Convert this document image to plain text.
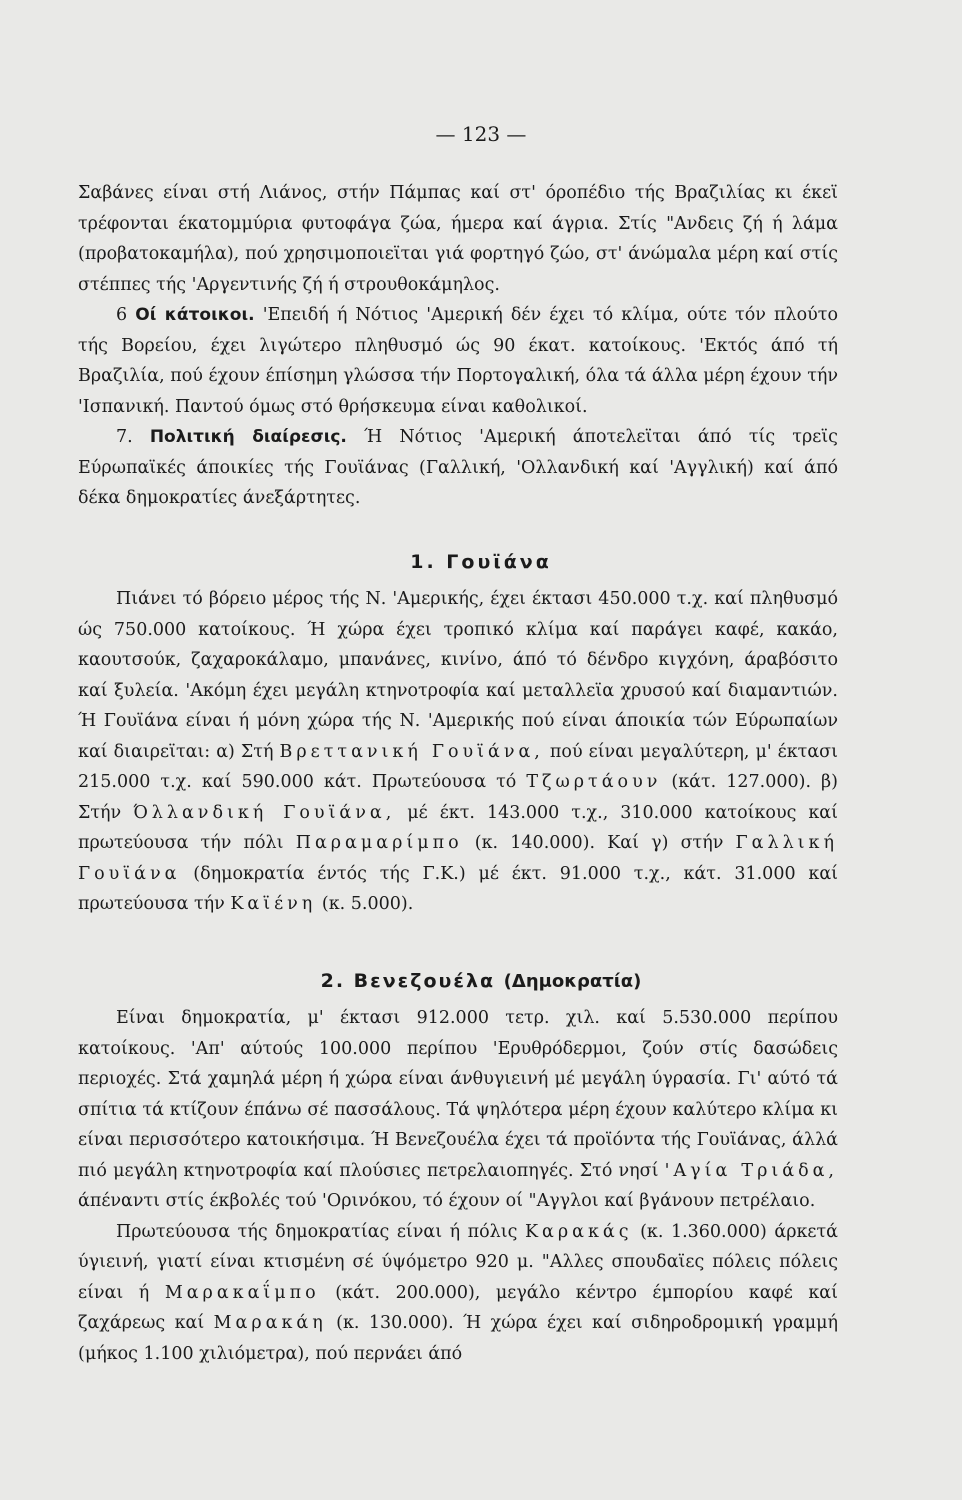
— 123 —

Σαβάνες είναι στή Λιάνος, στήν Πάμπας καί στ' όροπέδιο τής Βραζιλίας κι έκεϊ τρέφονται έκατομμύρια φυτοφάγα ζώα, ήμερα καί άγρια. Στίς "Ανδεις ζή ή λάμα (προβατοκαμήλα), πού χρησιμοποιεϊται γιά φορτηγό ζώο, στ' άνώμαλα μέρη καί στίς στέππες τής 'Αργεντινής ζή ή στρουθοκάμηλος.

6 Οί κάτοικοι. 'Επειδή ή Νότιος 'Αμερική δέν έχει τό κλίμα, ούτε τόν πλούτο τής Βορείου, έχει λιγώτερο πληθυσμό ώς 90 έκατ. κατοίκους. 'Εκτός άπό τή Βραζιλία, πού έχουν έπίσημη γλώσσα τήν Πορτογαλική, όλα τά άλλα μέρη έχουν τήν 'Ισπανική. Παντού όμως στό θρήσκευμα είναι καθολικοί.

7. Πολιτική διαίρεσις. Ή Νότιος 'Αμερική άποτελεϊται άπό τίς τρεϊς Εύρωπαϊκές άποικίες τής Γουϊάνας (Γαλλική, 'Ολλανδική καί 'Αγγλική) καί άπό δέκα δημοκρατίες άνεξάρτητες.

1. Γουϊάνα

Πιάνει τό βόρειο μέρος τής Ν. 'Αμερικής, έχει έκτασι 450.000 τ.χ. καί πληθυσμό ώς 750.000 κατοίκους. Ή χώρα έχει τροπικό κλίμα καί παράγει καφέ, κακάο, καουτσούκ, ζαχαροκάλαμο, μπανάνες, κινίνο, άπό τό δένδρο κιγχόνη, άραβόσιτο καί ξυλεία. 'Ακόμη έχει μεγάλη κτηνοτροφία καί μεταλλεϊα χρυσού καί διαμαντιών. Ή Γουϊάνα είναι ή μόνη χώρα τής Ν. 'Αμερικής πού είναι άποικία τών Εύρωπαίων καί διαιρεϊται: α) Στή Βρεττανική Γουϊάνα, πού είναι μεγαλύτερη, μ' έκτασι 215.000 τ.χ. καί 590.000 κάτ. Πρωτεύουσα τό Τζωρτάουν (κάτ. 127.000). β) Στήν Όλλανδική Γουϊάνα, μέ έκτ. 143.000 τ.χ., 310.000 κατοίκους καί πρωτεύουσα τήν πόλι Παραμαρίμπο (κ. 140.000). Καί γ) στήν Γαλλική Γουϊάνα (δημοκρατία έντός τής Γ.Κ.) μέ έκτ. 91.000 τ.χ., κάτ. 31.000 καί πρωτεύουσα τήν Καϊένη (κ. 5.000).

2. Βενεζουέλα (Δημοκρατία)

Είναι δημοκρατία, μ' έκτασι 912.000 τετρ. χιλ. καί 5.530.000 περίπου κατοίκους. 'Απ' αύτούς 100.000 περίπου 'Ερυθρόδερμοι, ζούν στίς δασώδεις περιοχές. Στά χαμηλά μέρη ή χώρα είναι άνθυγιεινή μέ μεγάλη ύγρασία. Γι' αύτό τά σπίτια τά κτίζουν έπάνω σέ πασσάλους. Τά ψηλότερα μέρη έχουν καλύτερο κλίμα κι είναι περισσότερο κατοικήσιμα. Ή Βενεζουέλα έχει τά προϊόντα τής Γουϊάνας, άλλά πιό μεγάλη κτηνοτροφία καί πλούσιες πετρελαιοπηγές. Στό νησί 'Αγία Τριάδα, άπέναντι στίς έκβολές τού 'Ορινόκου, τό έχουν οί "Αγγλοι καί βγάνουν πετρέλαιο.

Πρωτεύουσα τής δημοκρατίας είναι ή πόλις Καρακάς (κ. 1.360.000) άρκετά ύγιεινή, γιατί είναι κτισμένη σέ ύψόμετρο 920 μ. "Αλλες σπουδαϊες πόλεις πόλεις είναι ή Μαρακαΐμπο (κάτ. 200.000), μεγάλο κέντρο έμπορίου καφέ καί ζαχάρεως καί Μαρακάη (κ. 130.000). Ή χώρα έχει καί σιδηροδρομική γραμμή (μήκος 1.100 χιλιόμετρα), πού περνάει άπό
